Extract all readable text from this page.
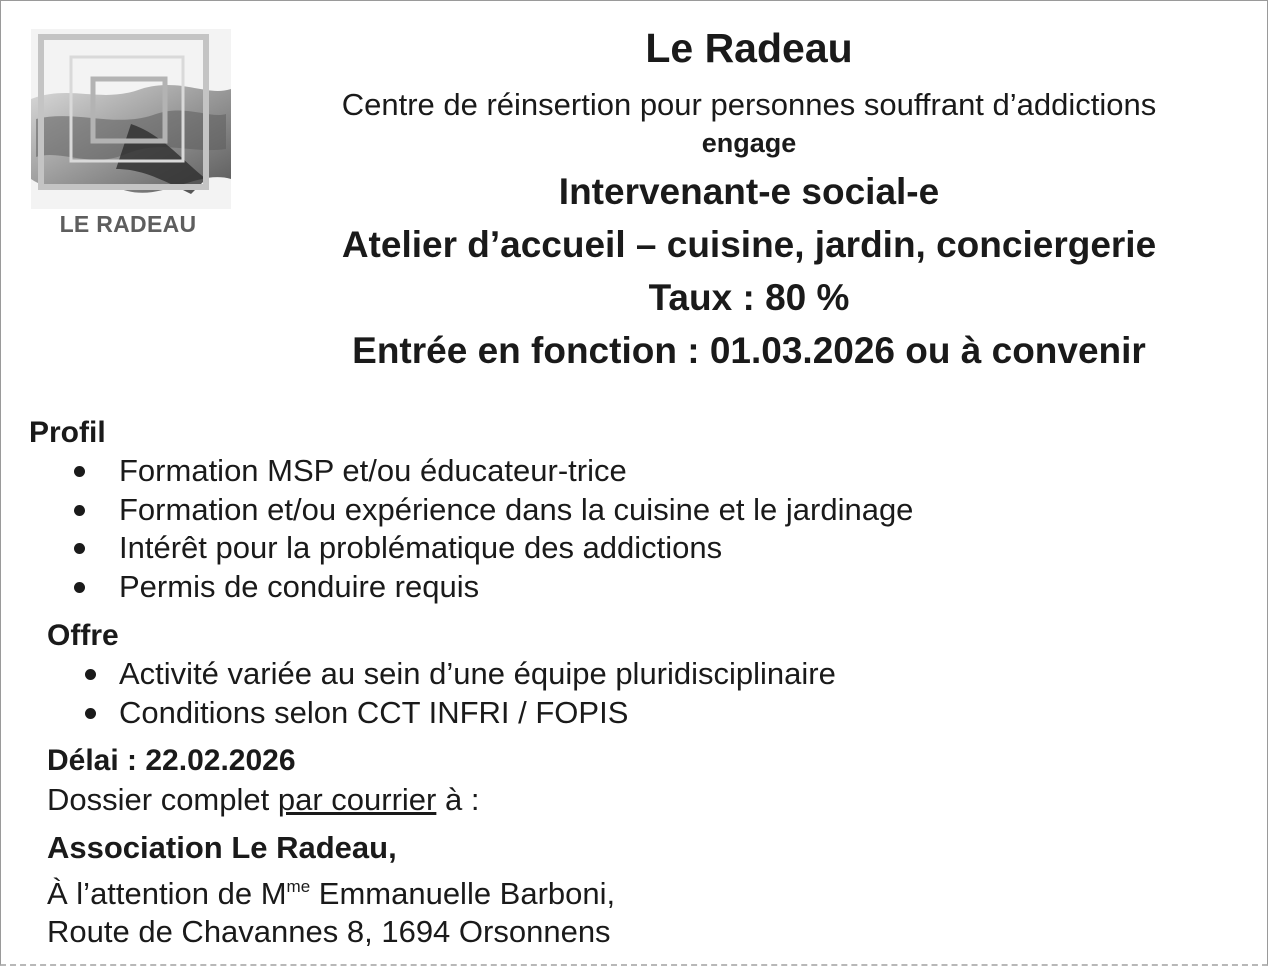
LE RADEAU
Le Radeau

Centre de réinsertion pour personnes souffrant d’addictions

engage

Intervenant-e social-e

Atelier d’accueil – cuisine, jardin, conciergerie

Taux : 80 %

Entrée en fonction : 01.03.2026 ou à convenir

Profil
Formation MSP et/ou éducateur-trice
Formation et/ou expérience dans la cuisine et le jardinage
Intérêt pour la problématique des addictions
Permis de conduire requis
Offre
Activité variée au sein d’une équipe pluridisciplinaire
Conditions selon CCT INFRI / FOPIS
Délai : 22.02.2026
Dossier complet par courrier à :
Association Le Radeau,
À l’attention de $M^{me}$ Emmanuelle Barboni,
Route de Chavannes 8, 1694 Orsonnens
